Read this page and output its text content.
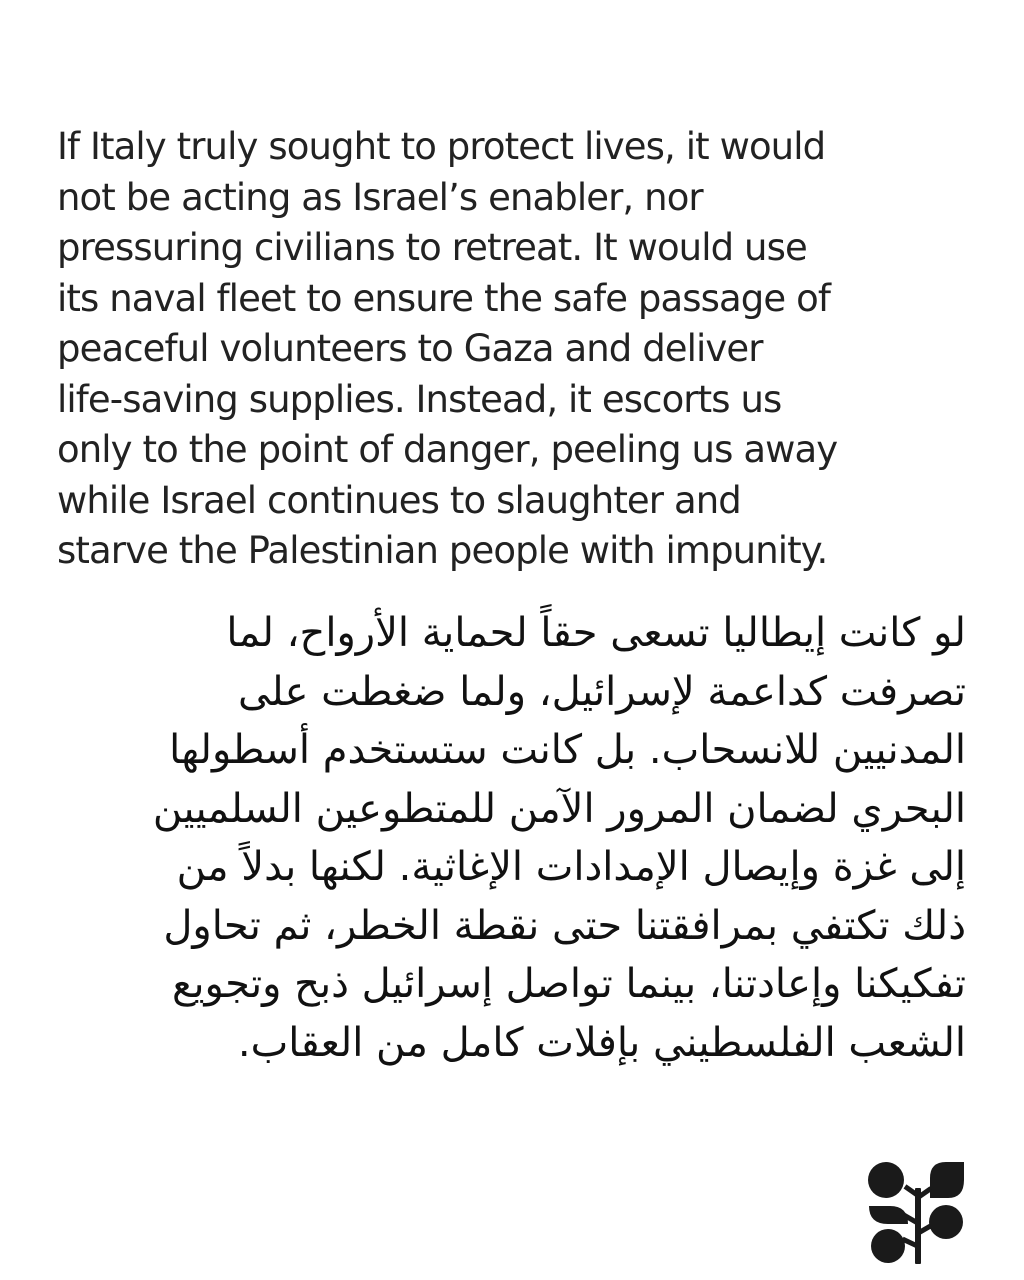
If Italy truly sought to protect lives, it would
not be acting as Israel’s enabler, nor
pressuring civilians to retreat. It would use
its naval fleet to ensure the safe passage of
peaceful volunteers to Gaza and deliver
life-saving supplies. Instead, it escorts us
only to the point of danger, peeling us away
while Israel continues to slaughter and
starve the Palestinian people with impunity.
لو كانت إيطاليا تسعى حقاً لحماية الأرواح، لما
تصرفت كداعمة لإسرائيل، ولما ضغطت على
المدنيين للانسحاب. بل كانت ستستخدم أسطولها
البحري لضمان المرور الآمن للمتطوعين السلميين
إلى غزة وإيصال الإمدادات الإغاثية. لكنها بدلاً من
ذلك تكتفي بمرافقتنا حتى نقطة الخطر، ثم تحاول
تفكيكنا وإعادتنا، بينما تواصل إسرائيل ذبح وتجويع
الشعب الفلسطيني بإفلات كامل من العقاب.
